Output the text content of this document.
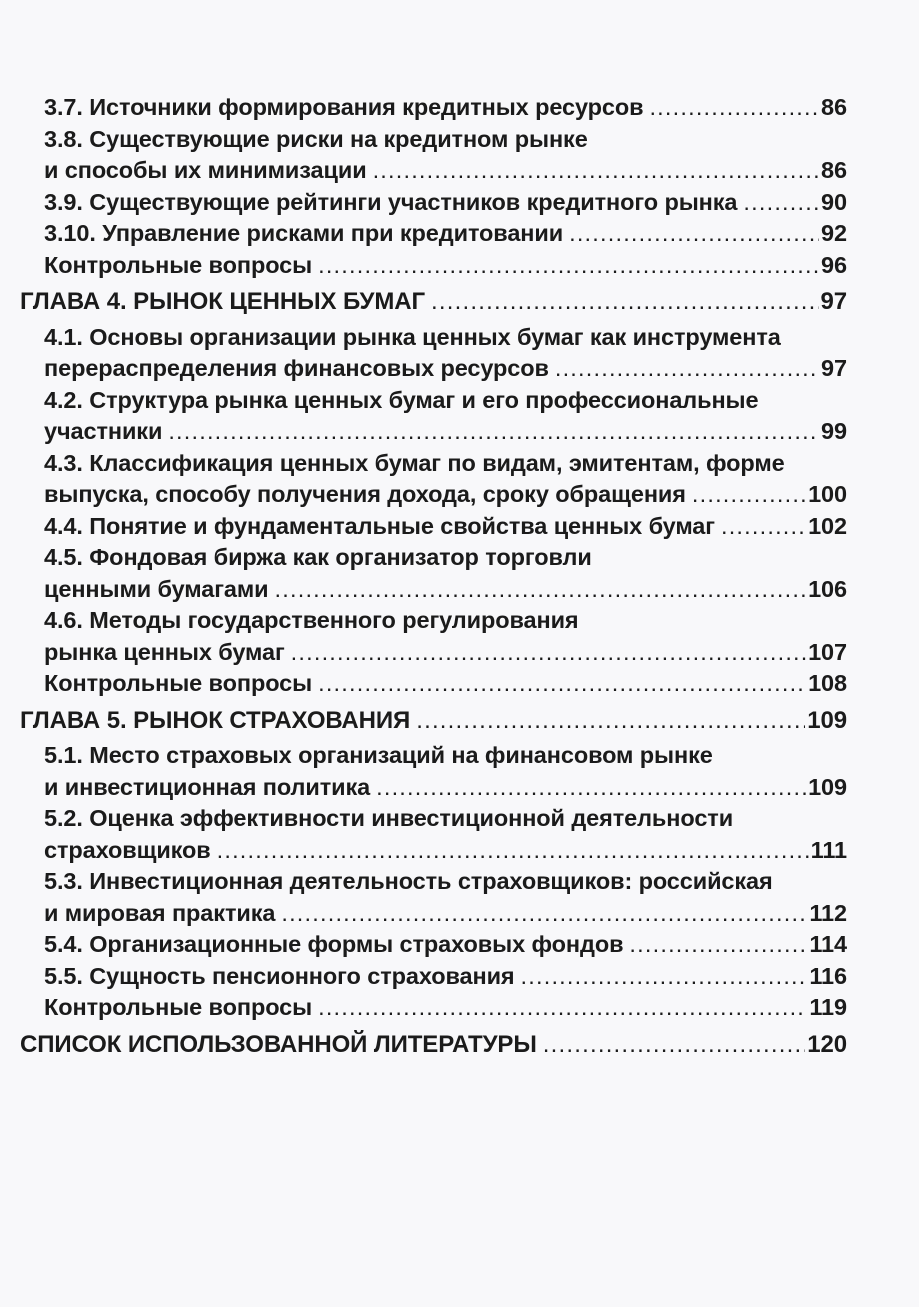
3.7. Источники формирования кредитных ресурсов .....	86
3.8. Существующие риски на кредитном рынке
и способы их минимизации .....	86
3.9. Существующие рейтинги участников кредитного рынка .....	90
3.10. Управление рисками при кредитовании .....	92
Контрольные вопросы .....	96
ГЛАВА 4. РЫНОК ЦЕННЫХ БУМАГ .....	97
4.1. Основы организации рынка ценных бумаг как инструмента
перераспределения финансовых ресурсов .....	97
4.2. Структура рынка ценных бумаг и его профессиональные
участники .....	99
4.3. Классификация ценных бумаг по видам, эмитентам, форме
выпуска, способу получения дохода, сроку обращения .....	100
4.4. Понятие и фундаментальные свойства ценных бумаг .....	102
4.5. Фондовая биржа как организатор торговли
ценными бумагами .....	106
4.6. Методы государственного регулирования
рынка ценных бумаг .....	107
Контрольные вопросы .....	108
ГЛАВА 5. РЫНОК СТРАХОВАНИЯ .....	109
5.1. Место страховых организаций на финансовом рынке
и инвестиционная политика .....	109
5.2. Оценка эффективности инвестиционной деятельности
страховщиков .....	111
5.3. Инвестиционная деятельность страховщиков: российская
и мировая практика .....	112
5.4. Организационные формы страховых фондов .....	114
5.5. Сущность пенсионного страхования .....	116
Контрольные вопросы .....	119
СПИСОК ИСПОЛЬЗОВАННОЙ ЛИТЕРАТУРЫ .....	120
